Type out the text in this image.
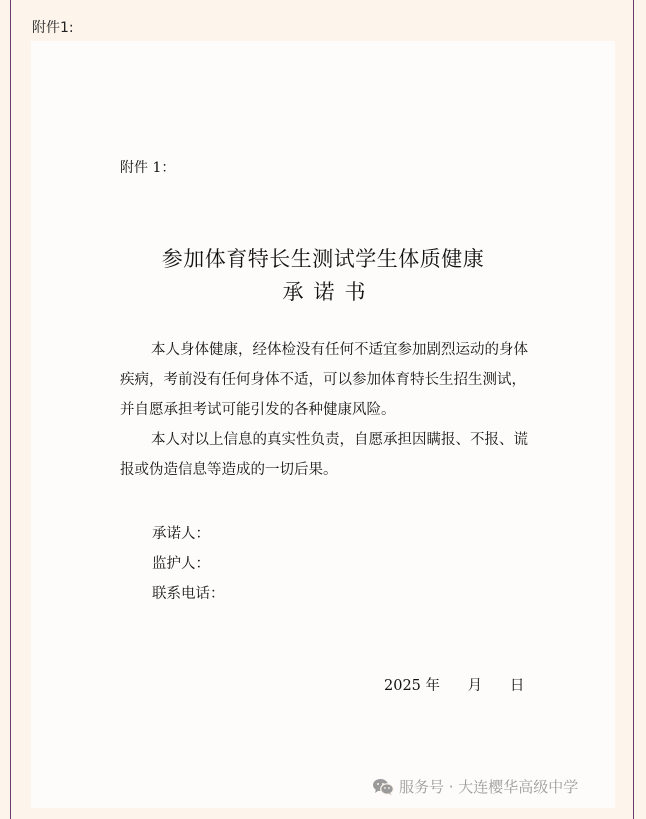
附件1:
附件 1：
参加体育特长生测试学生体质健康
承诺书
本人身体健康，经体检没有任何不适宜参加剧烈运动的身体疾病，考前没有任何身体不适，可以参加体育特长生招生测试，并自愿承担考试可能引发的各种健康风险。
本人对以上信息的真实性负责，自愿承担因瞒报、不报、谎报或伪造信息等造成的一切后果。
承诺人：
监护人：
联系电话：
2025 年      月      日
服务号 · 大连樱华高级中学
